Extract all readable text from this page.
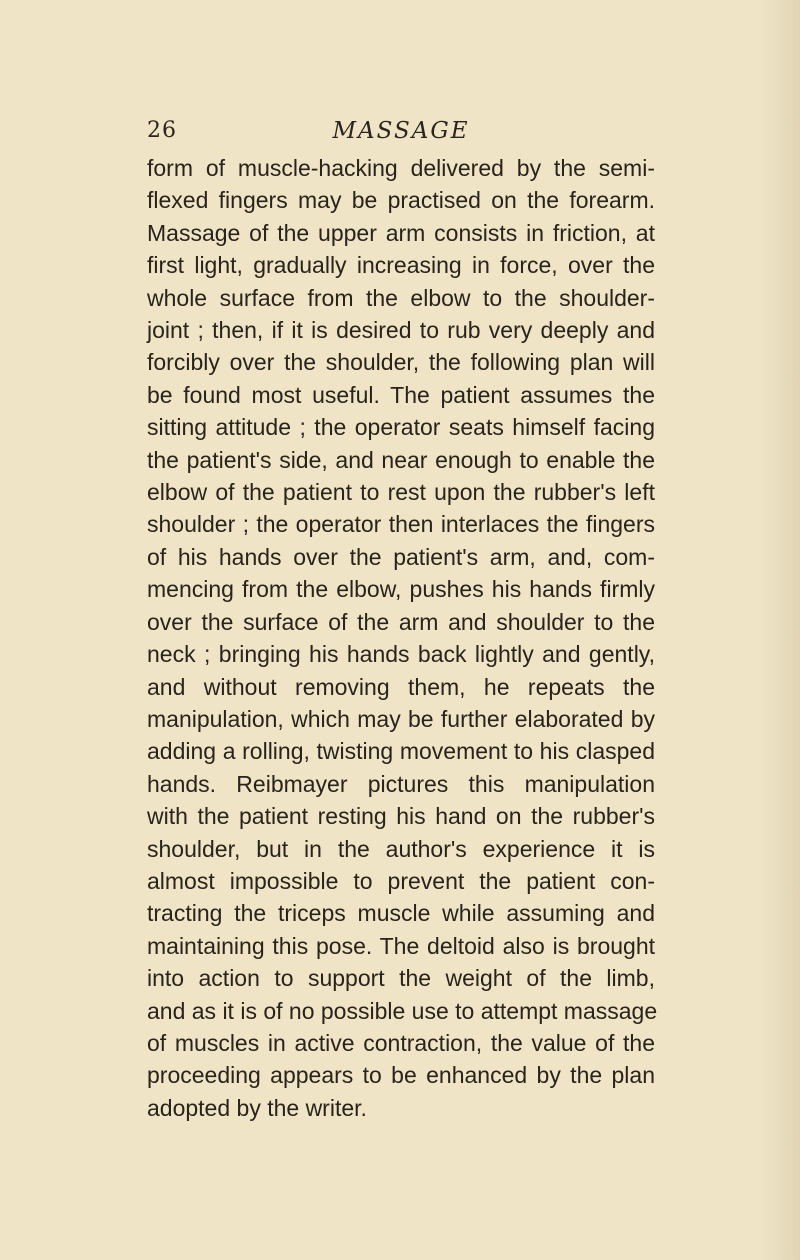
26	MASSAGE
form of muscle-hacking delivered by the semi-
flexed fingers may be practised on the forearm.
Massage of the upper arm consists in friction, at
first light, gradually increasing in force, over the
whole surface from the elbow to the shoulder-
joint ; then, if it is desired to rub very deeply and
forcibly over the shoulder, the following plan will
be found most useful. The patient assumes the
sitting attitude ; the operator seats himself facing
the patient's side, and near enough to enable the
elbow of the patient to rest upon the rubber's left
shoulder ; the operator then interlaces the fingers
of his hands over the patient's arm, and, com-
mencing from the elbow, pushes his hands firmly
over the surface of the arm and shoulder to the
neck ; bringing his hands back lightly and gently,
and without removing them, he repeats the
manipulation, which may be further elaborated by
adding a rolling, twisting movement to his clasped
hands. Reibmayer pictures this manipulation
with the patient resting his hand on the rubber's
shoulder, but in the author's experience it is
almost impossible to prevent the patient con-
tracting the triceps muscle while assuming and
maintaining this pose. The deltoid also is brought
into action to support the weight of the limb,
and as it is of no possible use to attempt massage
of muscles in active contraction, the value of the
proceeding appears to be enhanced by the plan
adopted by the writer.
